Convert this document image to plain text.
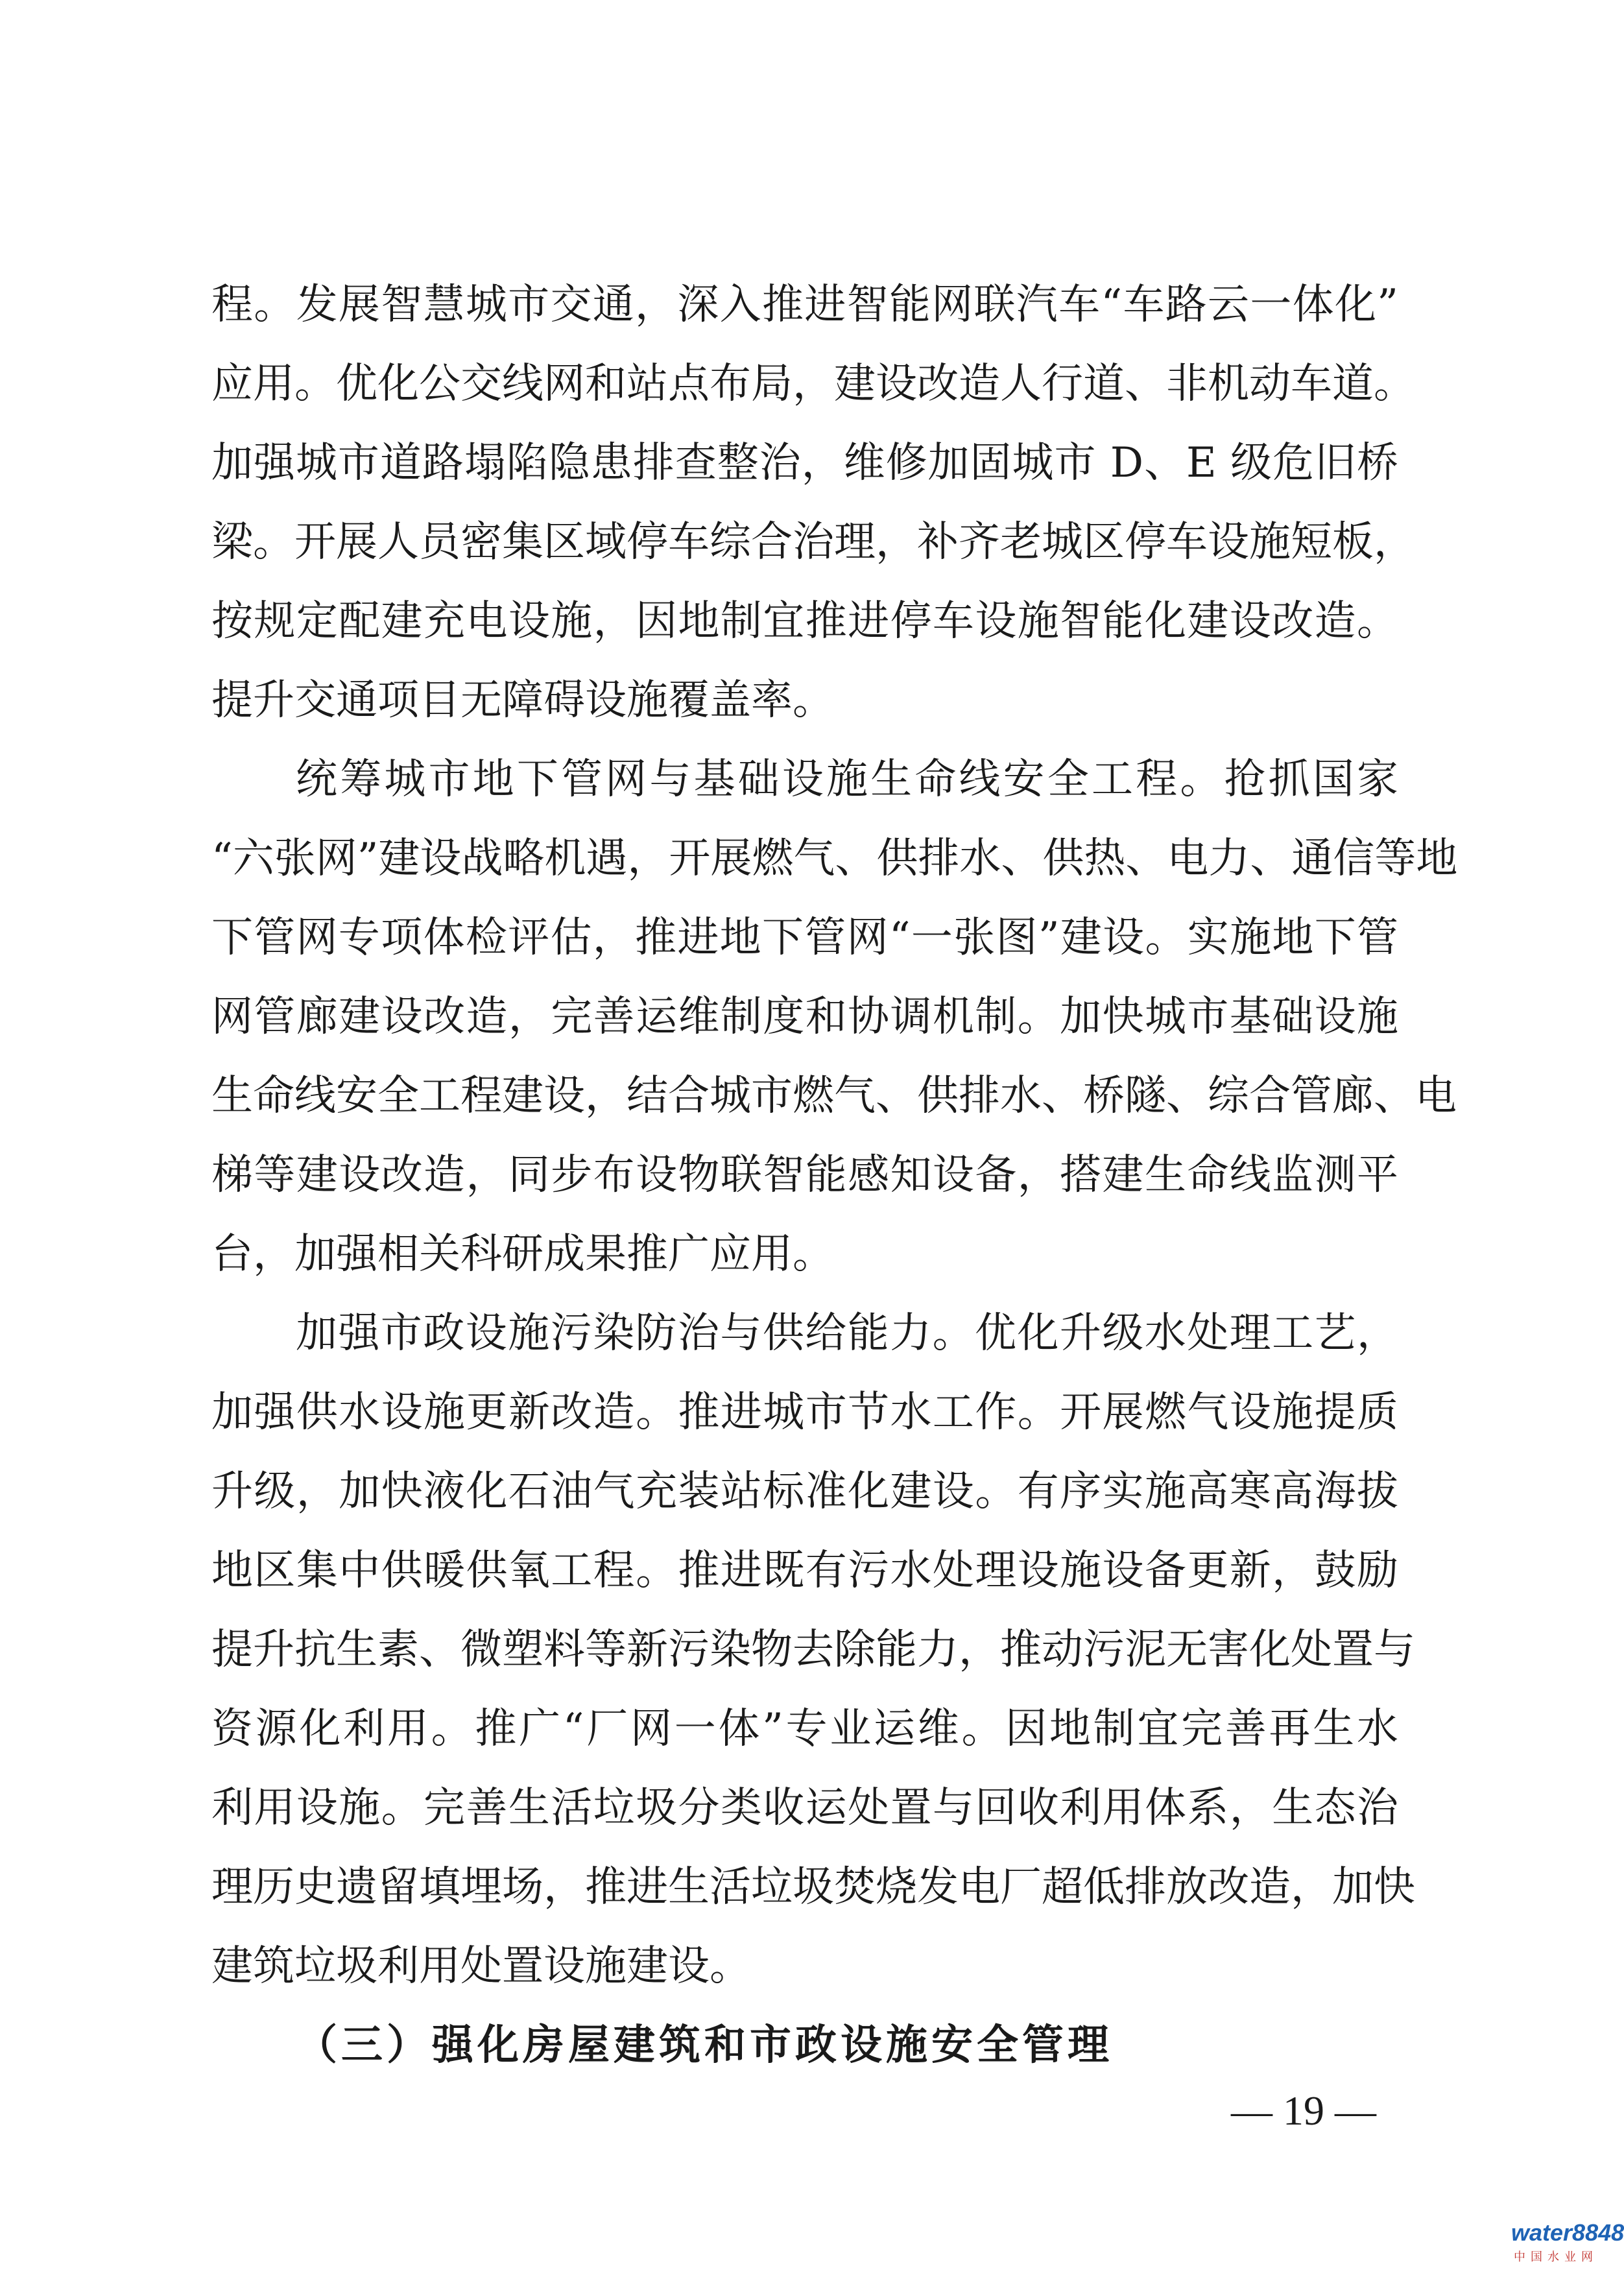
程。发展智慧城市交通，深入推进智能网联汽车“车路云一体化”
应用。优化公交线网和站点布局，建设改造人行道、非机动车道。
加强城市道路塌陷隐患排查整治，维修加固城市 D、E 级危旧桥
梁。开展人员密集区域停车综合治理，补齐老城区停车设施短板，
按规定配建充电设施，因地制宜推进停车设施智能化建设改造。
提升交通项目无障碍设施覆盖率。
统筹城市地下管网与基础设施生命线安全工程。抢抓国家
“六张网”建设战略机遇，开展燃气、供排水、供热、电力、通信等地
下管网专项体检评估，推进地下管网“一张图”建设。实施地下管
网管廊建设改造，完善运维制度和协调机制。加快城市基础设施
生命线安全工程建设，结合城市燃气、供排水、桥隧、综合管廊、电
梯等建设改造，同步布设物联智能感知设备，搭建生命线监测平
台，加强相关科研成果推广应用。
加强市政设施污染防治与供给能力。优化升级水处理工艺，
加强供水设施更新改造。推进城市节水工作。开展燃气设施提质
升级，加快液化石油气充装站标准化建设。有序实施高寒高海拔
地区集中供暖供氧工程。推进既有污水处理设施设备更新，鼓励
提升抗生素、微塑料等新污染物去除能力，推动污泥无害化处置与
资源化利用。推广“厂网一体”专业运维。因地制宜完善再生水
利用设施。完善生活垃圾分类收运处置与回收利用体系，生态治
理历史遗留填埋场，推进生活垃圾焚烧发电厂超低排放改造，加快
建筑垃圾利用处置设施建设。
（三）强化房屋建筑和市政设施安全管理
— 19 —
water8848
中国水业网
